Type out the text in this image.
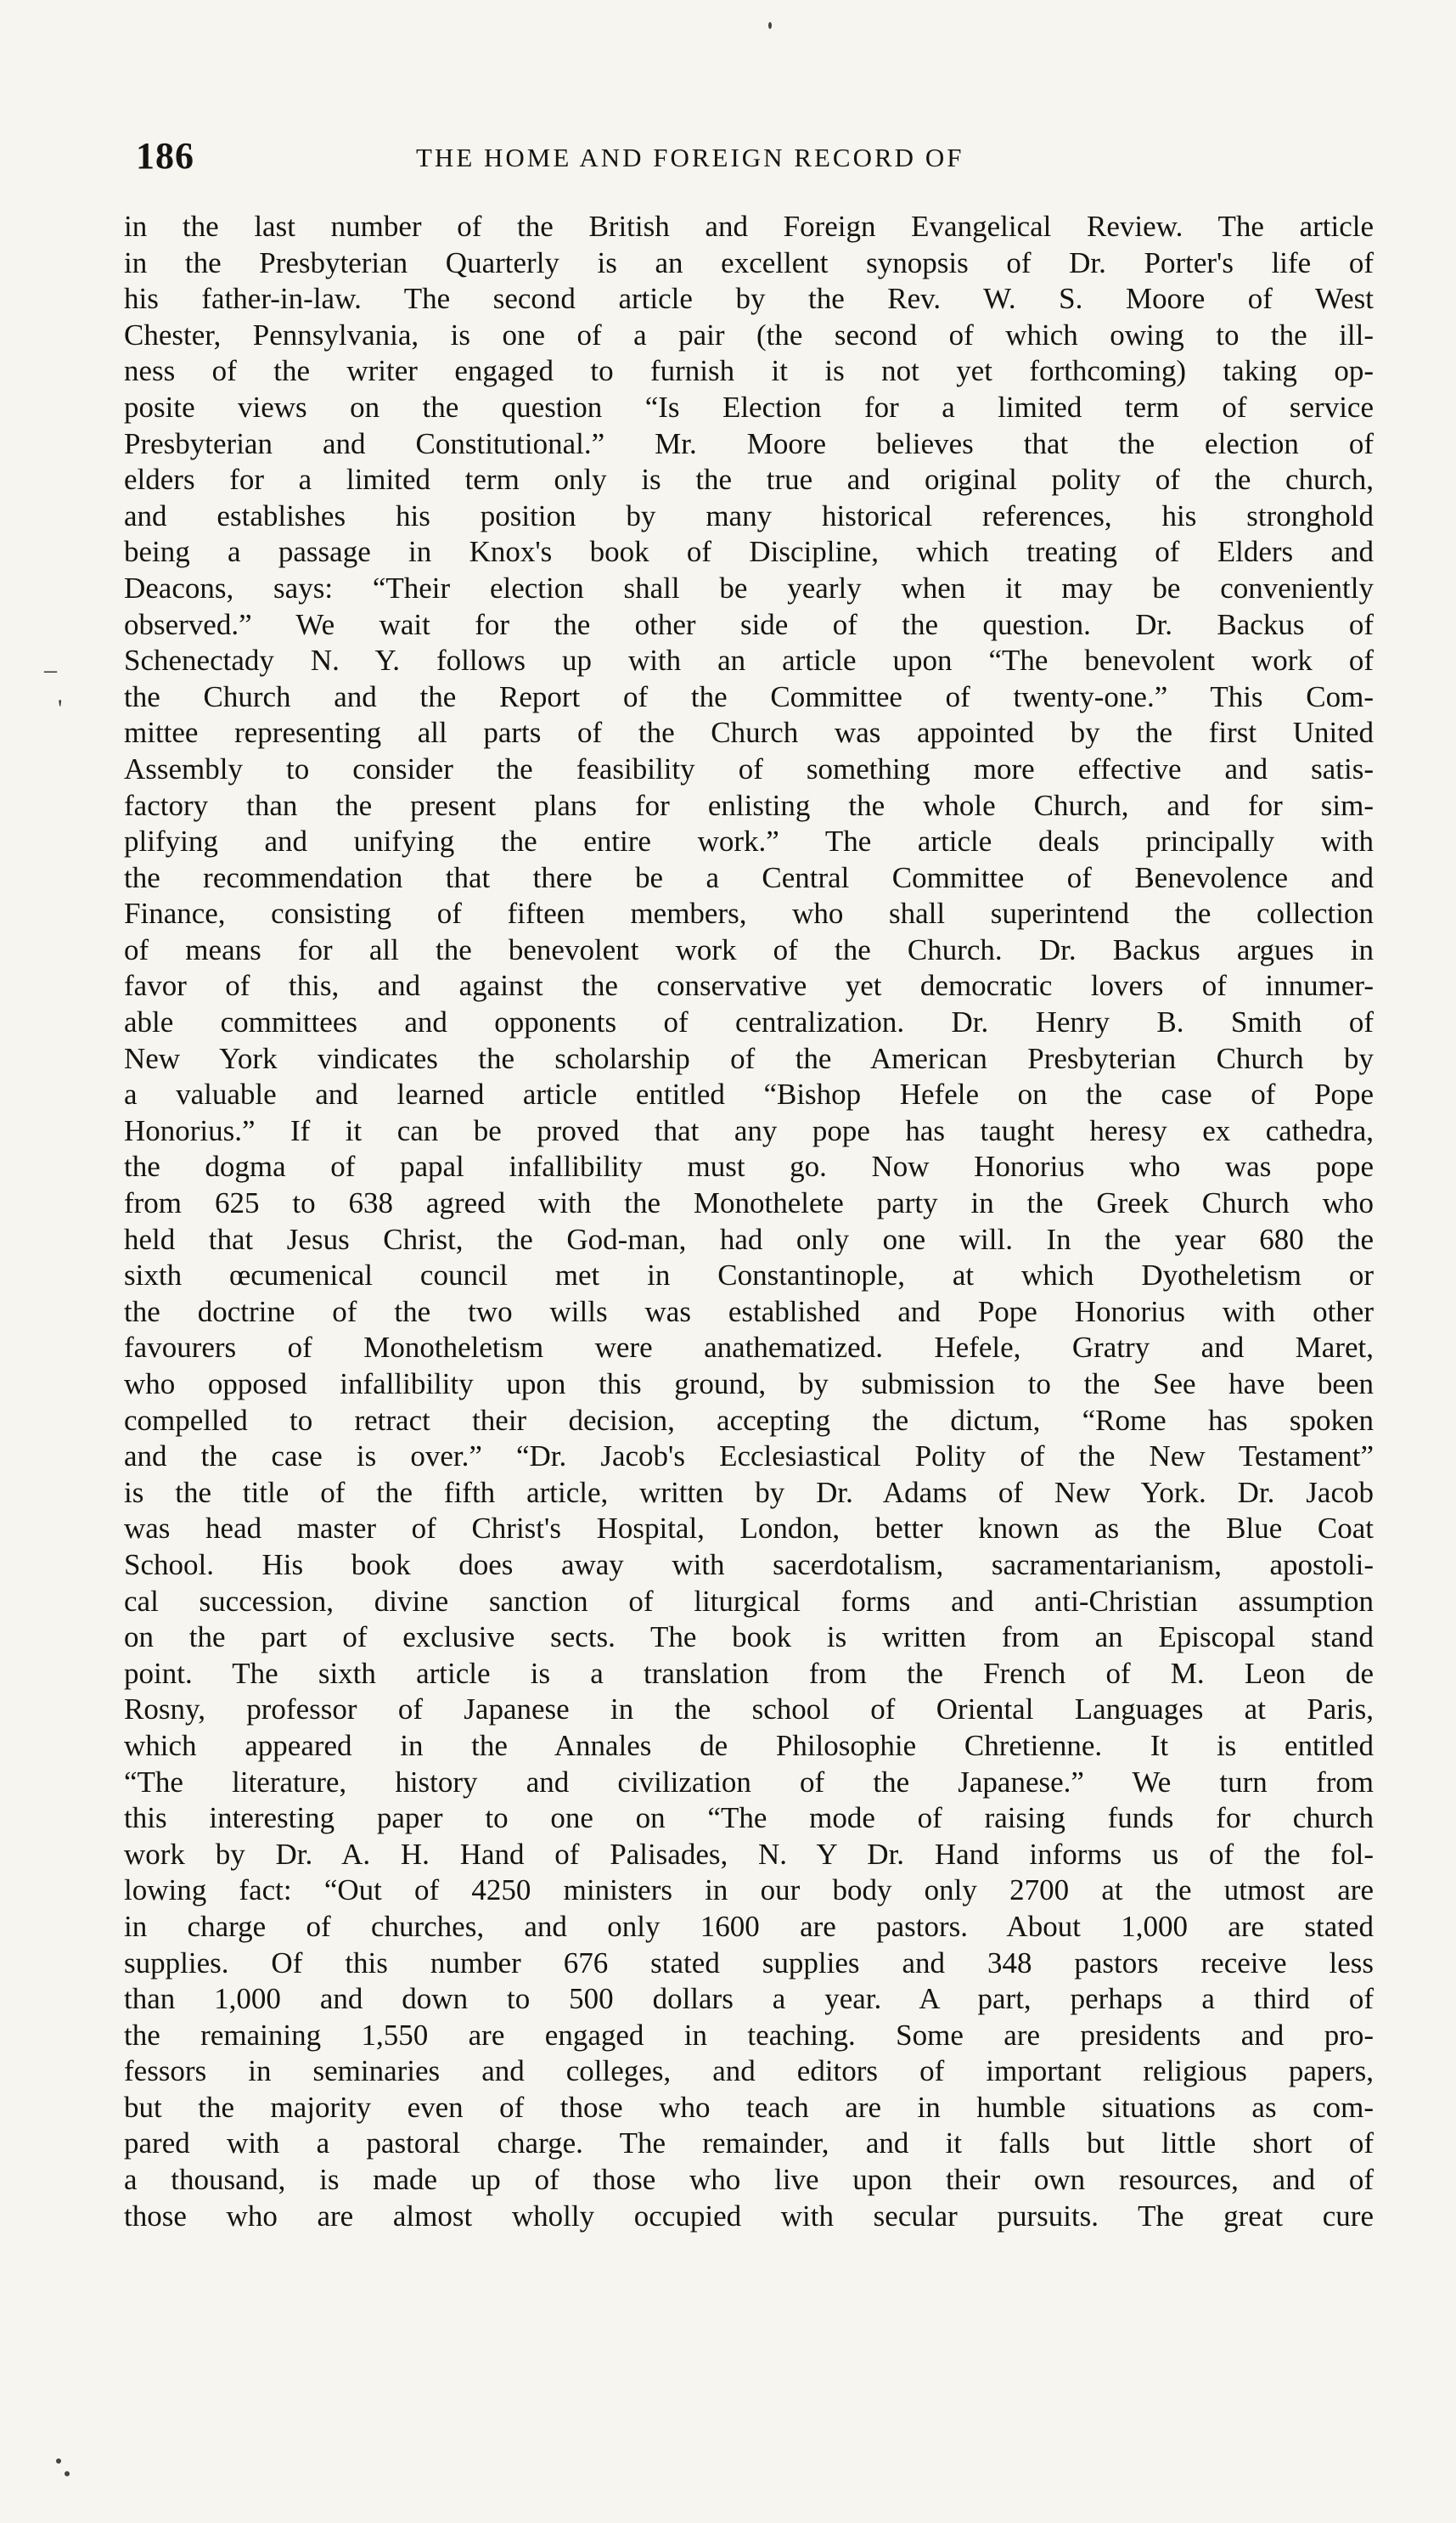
186	THE HOME AND FOREIGN RECORD OF
–
'
in the last number of the British and Foreign Evangelical Review. The article
in the Presbyterian Quarterly is an excellent synopsis of Dr. Porter's life of
his father-in-law. The second article by the Rev. W. S. Moore of West
Chester, Pennsylvania, is one of a pair (the second of which owing to the ill-
ness of the writer engaged to furnish it is not yet forthcoming) taking op-
posite views on the question “Is Election for a limited term of service
Presbyterian and Constitutional.” Mr. Moore believes that the election of
elders for a limited term only is the true and original polity of the church,
and establishes his position by many historical references, his stronghold
being a passage in Knox's book of Discipline, which treating of Elders and
Deacons, says: “Their election shall be yearly when it may be conveniently
observed.” We wait for the other side of the question. Dr. Backus of
Schenectady N. Y. follows up with an article upon “The benevolent work of
the Church and the Report of the Committee of twenty-one.” This Com-
mittee representing all parts of the Church was appointed by the first United
Assembly to consider the feasibility of something more effective and satis-
factory than the present plans for enlisting the whole Church, and for sim-
plifying and unifying the entire work.” The article deals principally with
the recommendation that there be a Central Committee of Benevolence and
Finance, consisting of fifteen members, who shall superintend the collection
of means for all the benevolent work of the Church. Dr. Backus argues in
favor of this, and against the conservative yet democratic lovers of innumer-
able committees and opponents of centralization. Dr. Henry B. Smith of
New York vindicates the scholarship of the American Presbyterian Church by
a valuable and learned article entitled “Bishop Hefele on the case of Pope
Honorius.” If it can be proved that any pope has taught heresy ex cathedra,
the dogma of papal infallibility must go. Now Honorius who was pope
from 625 to 638 agreed with the Monothelete party in the Greek Church who
held that Jesus Christ, the God-man, had only one will. In the year 680 the
sixth œcumenical council met in Constantinople, at which Dyotheletism or
the doctrine of the two wills was established and Pope Honorius with other
favourers of Monotheletism were anathematized. Hefele, Gratry and Maret,
who opposed infallibility upon this ground, by submission to the See have been
compelled to retract their decision, accepting the dictum, “Rome has spoken
and the case is over.” “Dr. Jacob's Ecclesiastical Polity of the New Testament”
is the title of the fifth article, written by Dr. Adams of New York. Dr. Jacob
was head master of Christ's Hospital, London, better known as the Blue Coat
School. His book does away with sacerdotalism, sacramentarianism, apostoli-
cal succession, divine sanction of liturgical forms and anti-Christian assumption
on the part of exclusive sects. The book is written from an Episcopal stand
point. The sixth article is a translation from the French of M. Leon de
Rosny, professor of Japanese in the school of Oriental Languages at Paris,
which appeared in the Annales de Philosophie Chretienne. It is entitled
“The literature, history and civilization of the Japanese.” We turn from
this interesting paper to one on “The mode of raising funds for church
work by Dr. A. H. Hand of Palisades, N. Y Dr. Hand informs us of the fol-
lowing fact: “Out of 4250 ministers in our body only 2700 at the utmost are
in charge of churches, and only 1600 are pastors. About 1,000 are stated
supplies. Of this number 676 stated supplies and 348 pastors receive less
than 1,000 and down to 500 dollars a year. A part, perhaps a third of
the remaining 1,550 are engaged in teaching. Some are presidents and pro-
fessors in seminaries and colleges, and editors of important religious papers,
but the majority even of those who teach are in humble situations as com-
pared with a pastoral charge. The remainder, and it falls but little short of
a thousand, is made up of those who live upon their own resources, and of
those who are almost wholly occupied with secular pursuits. The great cure
